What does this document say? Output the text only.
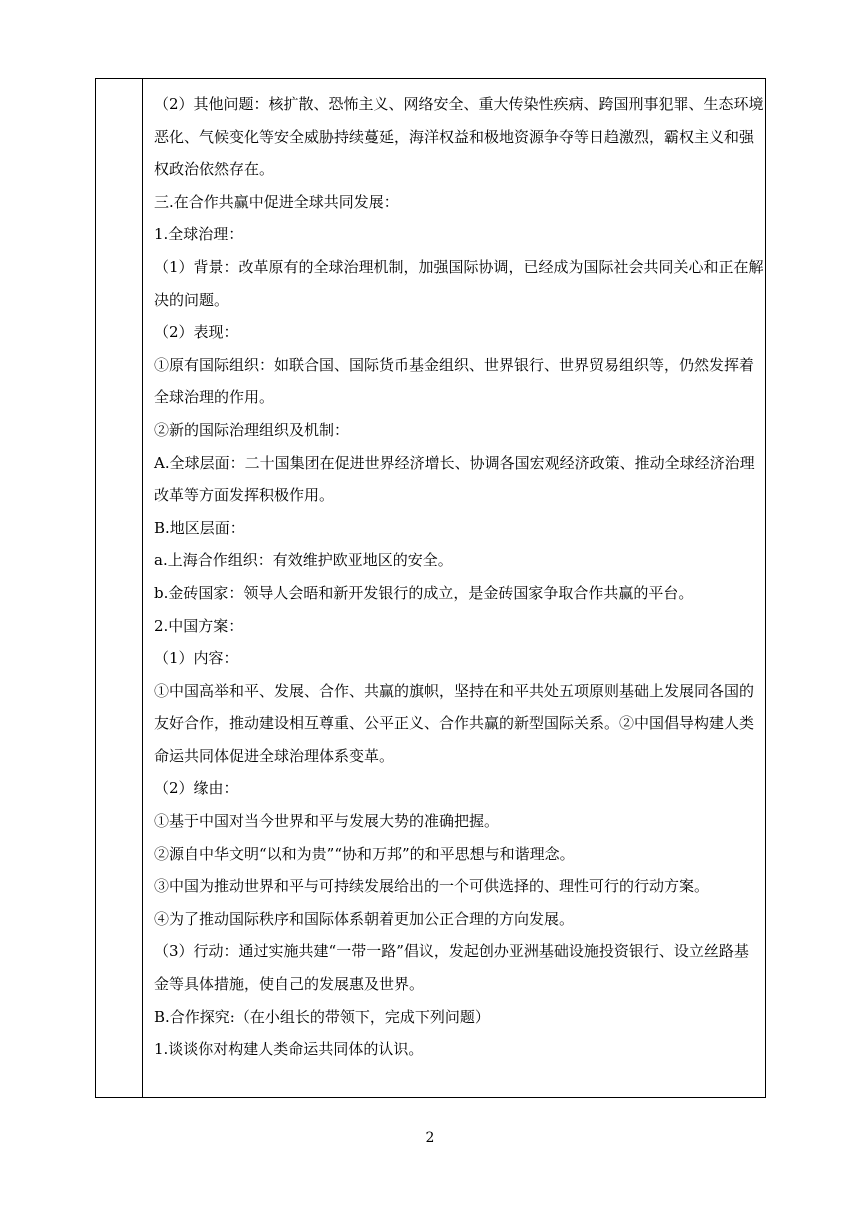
（2）其他问题：核扩散、恐怖主义、网络安全、重大传染性疾病、跨国刑事犯罪、生态环境
恶化、气候变化等安全威胁持续蔓延，海洋权益和极地资源争夺等日趋激烈，霸权主义和强
权政治依然存在。
三.在合作共赢中促进全球共同发展：
1.全球治理：
（1）背景：改革原有的全球治理机制，加强国际协调，已经成为国际社会共同关心和正在解
决的问题。
（2）表现：
①原有国际组织：如联合国、国际货币基金组织、世界银行、世界贸易组织等，仍然发挥着
全球治理的作用。
②新的国际治理组织及机制：
A.全球层面：二十国集团在促进世界经济增长、协调各国宏观经济政策、推动全球经济治理
改革等方面发挥积极作用。
B.地区层面：
a.上海合作组织：有效维护欧亚地区的安全。
b.金砖国家：领导人会晤和新开发银行的成立，是金砖国家争取合作共赢的平台。
2.中国方案：
（1）内容：
①中国高举和平、发展、合作、共赢的旗帜，坚持在和平共处五项原则基础上发展同各国的
友好合作，推动建设相互尊重、公平正义、合作共赢的新型国际关系。②中国倡导构建人类
命运共同体促进全球治理体系变革。
（2）缘由：
①基于中国对当今世界和平与发展大势的准确把握。
②源自中华文明“以和为贵”“协和万邦”的和平思想与和谐理念。
③中国为推动世界和平与可持续发展给出的一个可供选择的、理性可行的行动方案。
④为了推动国际秩序和国际体系朝着更加公正合理的方向发展。
（3）行动：通过实施共建“一带一路”倡议，发起创办亚洲基础设施投资银行、设立丝路基
金等具体措施，使自己的发展惠及世界。
B.合作探究:（在小组长的带领下，完成下列问题）
1.谈谈你对构建人类命运共同体的认识。
2
